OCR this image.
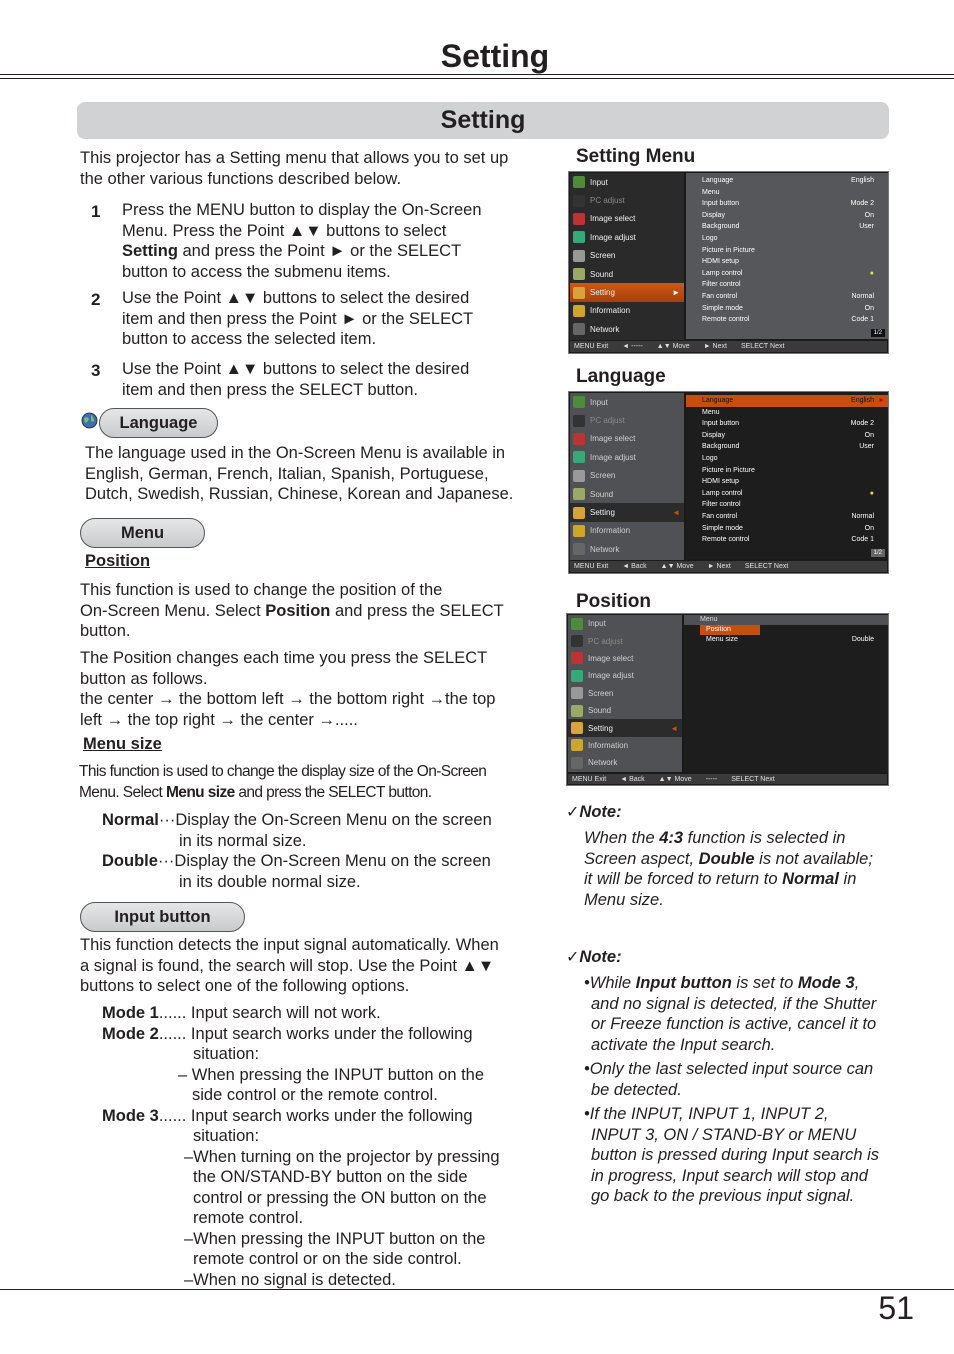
Setting
Setting
This projector has a Setting menu that allows you to set up the other various functions described below.
1 Press the MENU button to display the On-Screen
Menu. Press the Point ▲▼ buttons to select
Setting and press the Point ► or the SELECT
button to access the submenu items.
2 Use the Point ▲▼ buttons to select the desired
item and then press the Point ► or the SELECT
button to access the selected item.
3 Use the Point ▲▼ buttons to select the desired
item and then press the SELECT button.
Language
The language used in the On-Screen Menu is available in
English, German, French, Italian, Spanish, Portuguese,
Dutch, Swedish, Russian, Chinese, Korean and Japanese.
Menu
Position
This function is used to change the position of the
On-Screen Menu. Select Position and press the SELECT
button.
The Position changes each time you press the SELECT
button as follows.
the center → the bottom left → the bottom right →the top
left → the top right → the center →.....
Menu size
This function is used to change the display size of the On-Screen
Menu. Select Menu size and press the SELECT button.
Normal···Display the On-Screen Menu on the screen
in its normal size.
Double···Display the On-Screen Menu on the screen
in its double normal size.
Input button
This function detects the input signal automatically. When
a signal is found, the search will stop. Use the Point ▲▼
buttons to select one of the following options.
Mode 1...... Input search will not work.
Mode 2...... Input search works under the following
situation:
– When pressing the INPUT button on the
side control or the remote control.
Mode 3...... Input search works under the following
situation:
–When turning on the projector by pressing
the ON/STAND-BY button on the side
control or pressing the ON button on the
remote control.
–When pressing the INPUT button on the
remote control or on the side control.
–When no signal is detected.
Setting Menu
Language
Position
Input
PC adjust
Image select
Image adjust
Screen
Sound
Setting	►
Information
Network
Language	English
Menu
Input button	Mode 2
Display	On
Background	User
Logo
Picture in Picture
HDMI setup
Lamp control	●
Filter control
Fan control	Normal
Simple mode	On
Remote control	Code 1
1/2
MENU Exit ◄ ----- ▲▼ Move ► Next SELECT Next
Input
PC adjust
Image select
Image adjust
Screen
Sound
Setting	◄
Information
Network
Language	English ►
Menu
Input button	Mode 2
Display	On
Background	User
Logo
Picture in Picture
HDMI setup
Lamp control	●
Filter control
Fan control	Normal
Simple mode	On
Remote control	Code 1
1/2
MENU Exit ◄ Back ▲▼ Move ► Next SELECT Next
Input
PC adjust
Image select
Image adjust
Screen
Sound
Setting	◄
Information
Network
Menu
Position
Menu size	Double
MENU Exit ◄ Back ▲▼ Move ----- SELECT Next
✓Note:
When the 4:3 function is selected in
Screen aspect, Double is not available;
it will be forced to return to Normal in
Menu size.
✓Note:
•While Input button is set to Mode 3,
and no signal is detected, if the Shutter
or Freeze function is active, cancel it to
activate the Input search.
•Only the last selected input source can
be detected.
•If the INPUT, INPUT 1, INPUT 2,
INPUT 3, ON / STAND-BY or MENU
button is pressed during Input search is
in progress, Input search will stop and
go back to the previous input signal.
51
